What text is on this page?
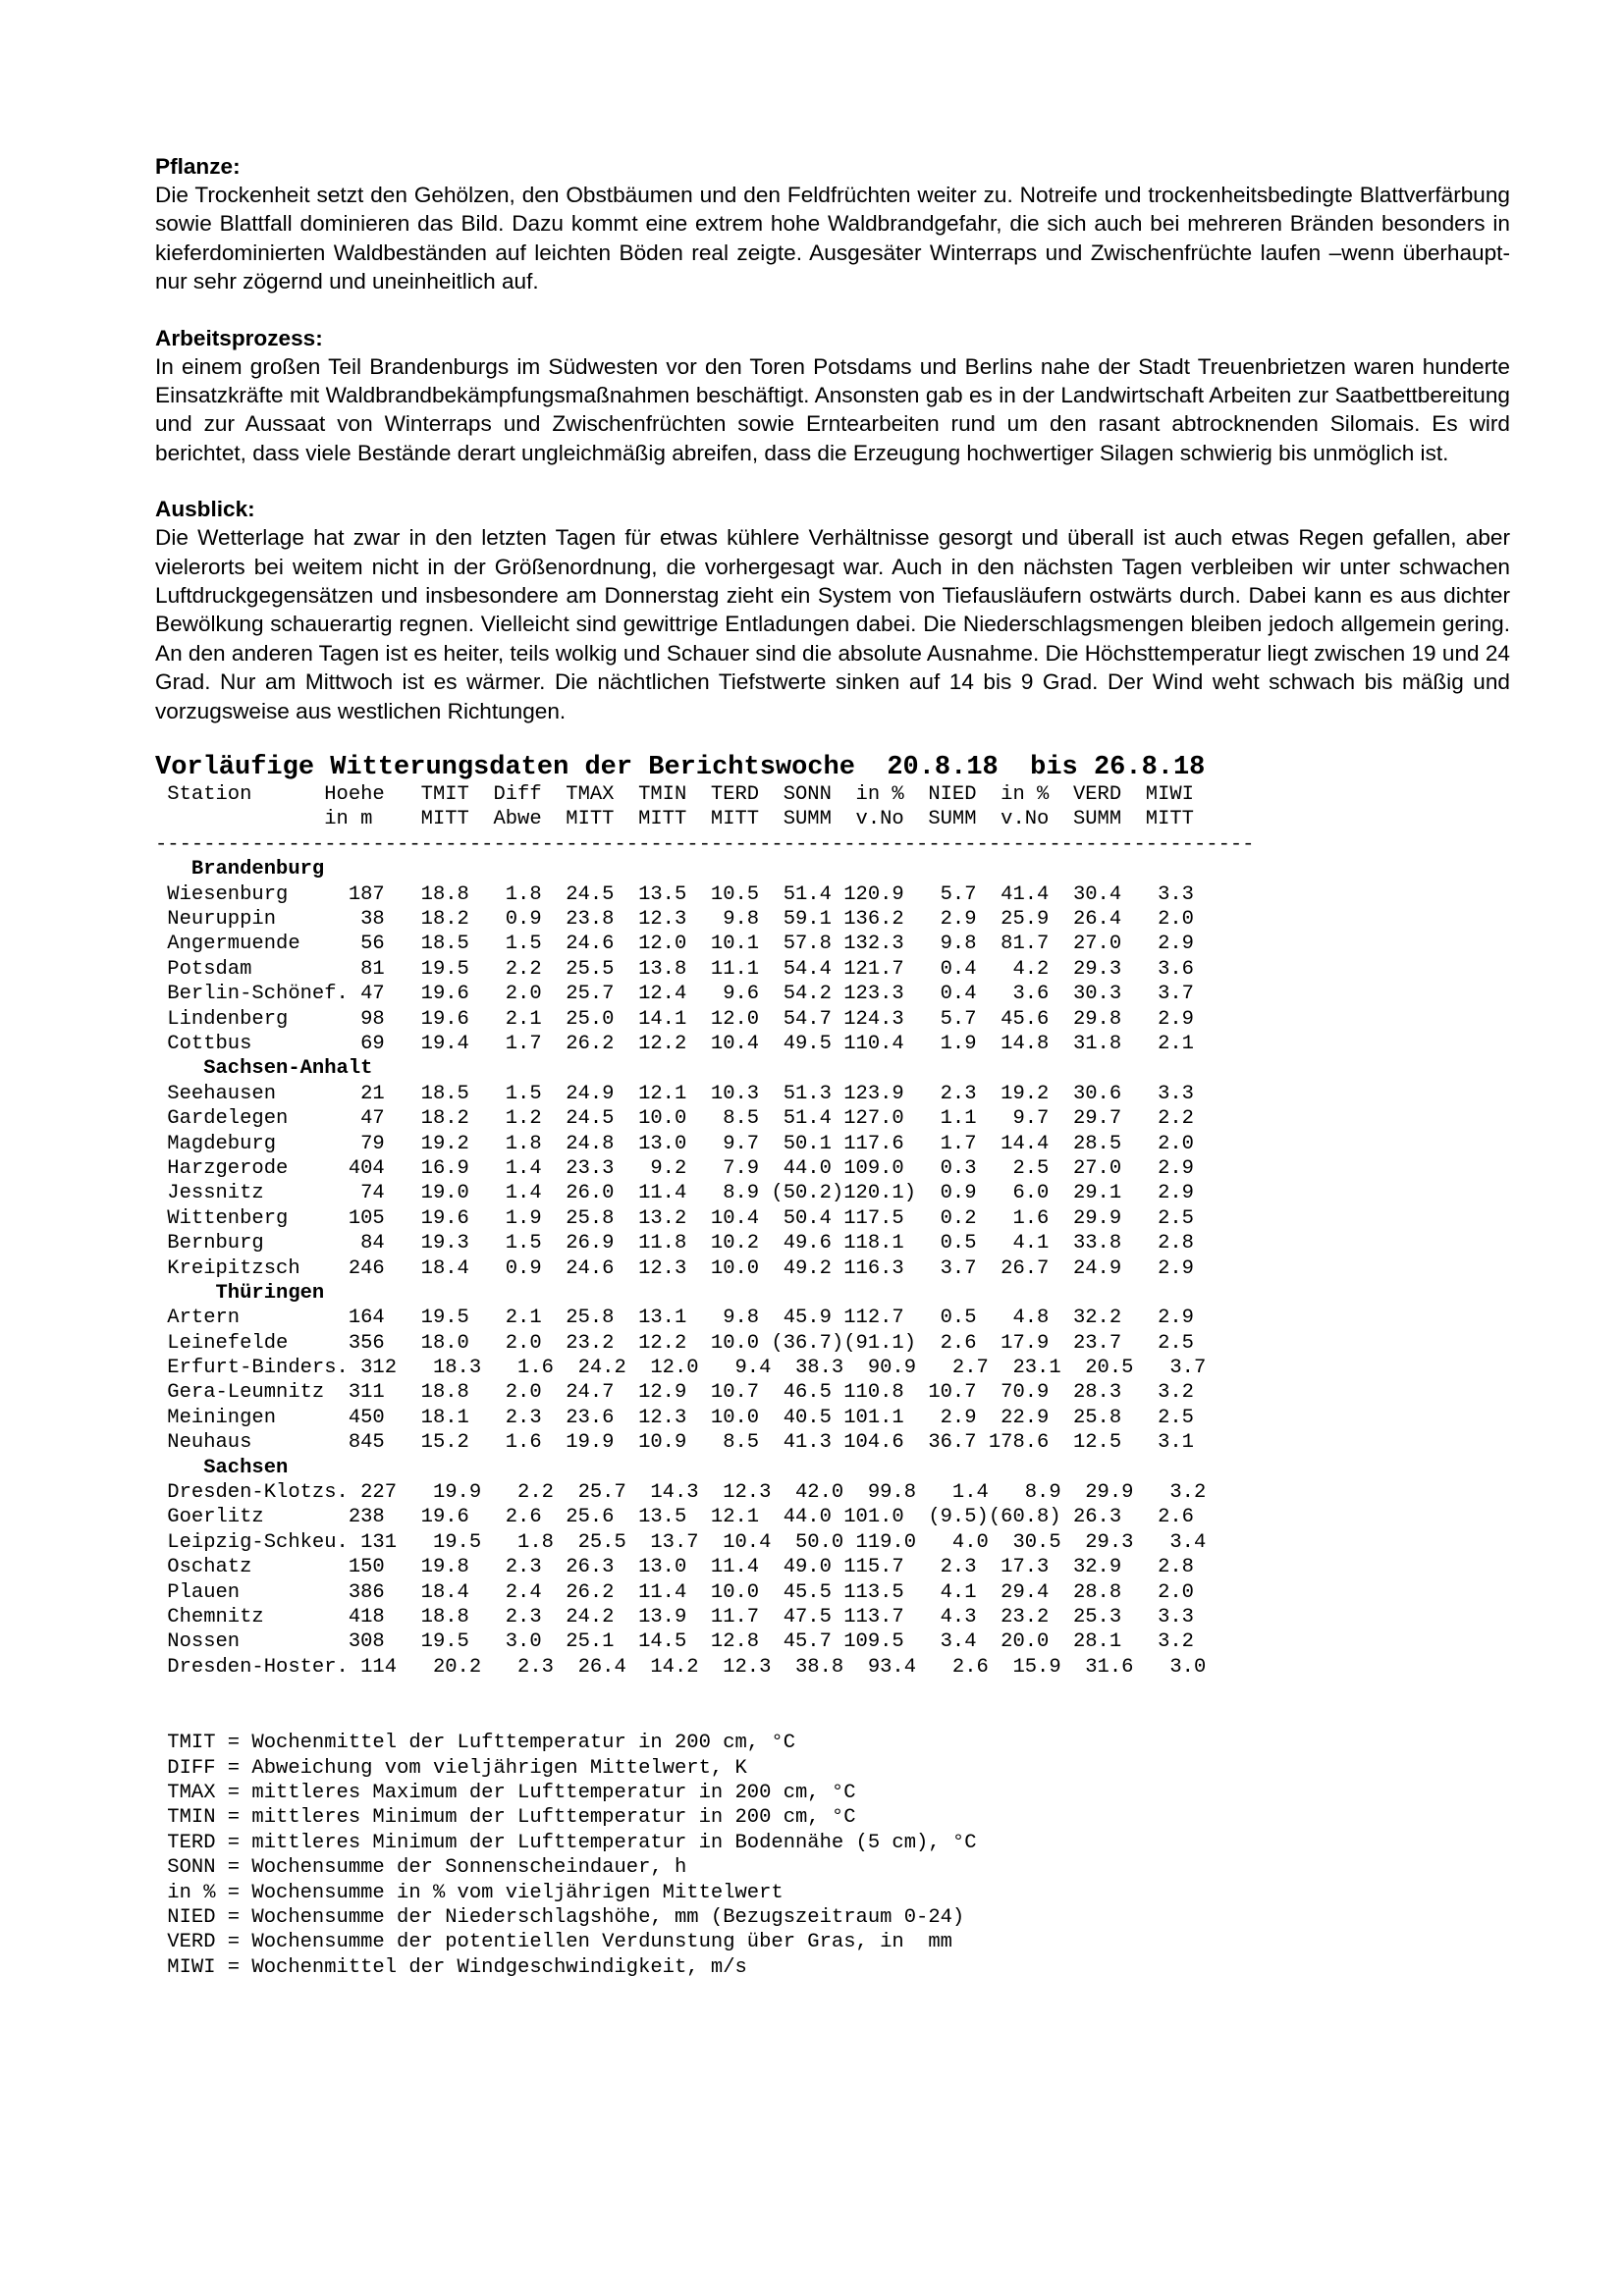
Pflanze:

Die Trockenheit setzt den Gehölzen, den Obstbäumen und den Feldfrüchten weiter zu. Notreife und trockenheitsbedingte Blattverfärbung sowie Blattfall dominieren das Bild. Dazu kommt eine extrem hohe Waldbrandgefahr, die sich auch bei mehreren Bränden besonders in kieferdominierten Waldbeständen auf leichten Böden real zeigte. Ausgesäter Winterraps und Zwischenfrüchte laufen –wenn überhaupt- nur sehr zögernd und uneinheitlich auf.

Arbeitsprozess:

In einem großen Teil Brandenburgs im Südwesten vor den Toren Potsdams und Berlins nahe der Stadt Treuenbrietzen waren hunderte Einsatzkräfte mit Waldbrandbekämpfungsmaßnahmen beschäftigt. Ansonsten gab es in der Landwirtschaft Arbeiten zur Saatbettbereitung und zur Aussaat von Winterraps und Zwischenfrüchten sowie Erntearbeiten rund um den rasant abtrocknenden Silomais. Es wird berichtet, dass viele Bestände derart ungleichmäßig abreifen, dass die Erzeugung hochwertiger Silagen schwierig bis unmöglich ist.

Ausblick:

Die Wetterlage hat zwar in den letzten Tagen für etwas kühlere Verhältnisse gesorgt und überall ist auch etwas Regen gefallen, aber vielerorts bei weitem nicht in der Größenordnung, die vorhergesagt war. Auch in den nächsten Tagen verbleiben wir unter schwachen Luftdruckgegensätzen und insbesondere am Donnerstag zieht ein System von Tiefausläufern ostwärts durch. Dabei kann es aus dichter Bewölkung schauerartig regnen. Vielleicht sind gewittrige Entladungen dabei. Die Niederschlagsmengen bleiben jedoch allgemein gering. An den anderen Tagen ist es heiter, teils wolkig und Schauer sind die absolute Ausnahme. Die Höchsttemperatur liegt zwischen 19 und 24 Grad. Nur am Mittwoch ist es wärmer. Die nächtlichen Tiefstwerte sinken auf 14 bis 9 Grad. Der Wind weht schwach bis mäßig und vorzugsweise aus westlichen Richtungen.

Vorläufige Witterungsdaten der Berichtswoche  20.8.18  bis 26.8.18
Station      Hoehe   TMIT  Diff  TMAX  TMIN  TERD  SONN  in %  NIED  in %  VERD  MIWI
in m    MITT  Abwe  MITT  MITT  MITT  SUMM  v.No  SUMM  v.No  SUMM  MITT
-------------------------------------------------------------------------------------------
Brandenburg
Wiesenburg     187   18.8   1.8  24.5  13.5  10.5  51.4 120.9   5.7  41.4  30.4   3.3
Neuruppin       38   18.2   0.9  23.8  12.3   9.8  59.1 136.2   2.9  25.9  26.4   2.0
Angermuende     56   18.5   1.5  24.6  12.0  10.1  57.8 132.3   9.8  81.7  27.0   2.9
Potsdam         81   19.5   2.2  25.5  13.8  11.1  54.4 121.7   0.4   4.2  29.3   3.6
Berlin-Schönef. 47   19.6   2.0  25.7  12.4   9.6  54.2 123.3   0.4   3.6  30.3   3.7
Lindenberg      98   19.6   2.1  25.0  14.1  12.0  54.7 124.3   5.7  45.6  29.8   2.9
Cottbus         69   19.4   1.7  26.2  12.2  10.4  49.5 110.4   1.9  14.8  31.8   2.1
Sachsen-Anhalt
Seehausen       21   18.5   1.5  24.9  12.1  10.3  51.3 123.9   2.3  19.2  30.6   3.3
Gardelegen      47   18.2   1.2  24.5  10.0   8.5  51.4 127.0   1.1   9.7  29.7   2.2
Magdeburg       79   19.2   1.8  24.8  13.0   9.7  50.1 117.6   1.7  14.4  28.5   2.0
Harzgerode     404   16.9   1.4  23.3   9.2   7.9  44.0 109.0   0.3   2.5  27.0   2.9
Jessnitz        74   19.0   1.4  26.0  11.4   8.9 (50.2)120.1)  0.9   6.0  29.1   2.9
Wittenberg     105   19.6   1.9  25.8  13.2  10.4  50.4 117.5   0.2   1.6  29.9   2.5
Bernburg        84   19.3   1.5  26.9  11.8  10.2  49.6 118.1   0.5   4.1  33.8   2.8
Kreipitzsch    246   18.4   0.9  24.6  12.3  10.0  49.2 116.3   3.7  26.7  24.9   2.9
Thüringen
Artern         164   19.5   2.1  25.8  13.1   9.8  45.9 112.7   0.5   4.8  32.2   2.9
Leinefelde     356   18.0   2.0  23.2  12.2  10.0 (36.7)(91.1)  2.6  17.9  23.7   2.5
Erfurt-Binders. 312   18.3   1.6  24.2  12.0   9.4  38.3  90.9   2.7  23.1  20.5   3.7
Gera-Leumnitz  311   18.8   2.0  24.7  12.9  10.7  46.5 110.8  10.7  70.9  28.3   3.2
Meiningen      450   18.1   2.3  23.6  12.3  10.0  40.5 101.1   2.9  22.9  25.8   2.5
Neuhaus        845   15.2   1.6  19.9  10.9   8.5  41.3 104.6  36.7 178.6  12.5   3.1
Sachsen
Dresden-Klotzs. 227   19.9   2.2  25.7  14.3  12.3  42.0  99.8   1.4   8.9  29.9   3.2
Goerlitz       238   19.6   2.6  25.6  13.5  12.1  44.0 101.0  (9.5)(60.8) 26.3   2.6
Leipzig-Schkeu. 131   19.5   1.8  25.5  13.7  10.4  50.0 119.0   4.0  30.5  29.3   3.4
Oschatz        150   19.8   2.3  26.3  13.0  11.4  49.0 115.7   2.3  17.3  32.9   2.8
Plauen         386   18.4   2.4  26.2  11.4  10.0  45.5 113.5   4.1  29.4  28.8   2.0
Chemnitz       418   18.8   2.3  24.2  13.9  11.7  47.5 113.7   4.3  23.2  25.3   3.3
Nossen         308   19.5   3.0  25.1  14.5  12.8  45.7 109.5   3.4  20.0  28.1   3.2
Dresden-Hoster. 114   20.2   2.3  26.4  14.2  12.3  38.8  93.4   2.6  15.9  31.6   3.0
TMIT = Wochenmittel der Lufttemperatur in 200 cm, °C
DIFF = Abweichung vom vieljährigen Mittelwert, K
TMAX = mittleres Maximum der Lufttemperatur in 200 cm, °C
TMIN = mittleres Minimum der Lufttemperatur in 200 cm, °C
TERD = mittleres Minimum der Lufttemperatur in Bodennähe (5 cm), °C
SONN = Wochensumme der Sonnenscheindauer, h
in % = Wochensumme in % vom vieljährigen Mittelwert
NIED = Wochensumme der Niederschlagshöhe, mm (Bezugszeitraum 0-24)
VERD = Wochensumme der potentiellen Verdunstung über Gras, in  mm
MIWI = Wochenmittel der Windgeschwindigkeit, m/s
